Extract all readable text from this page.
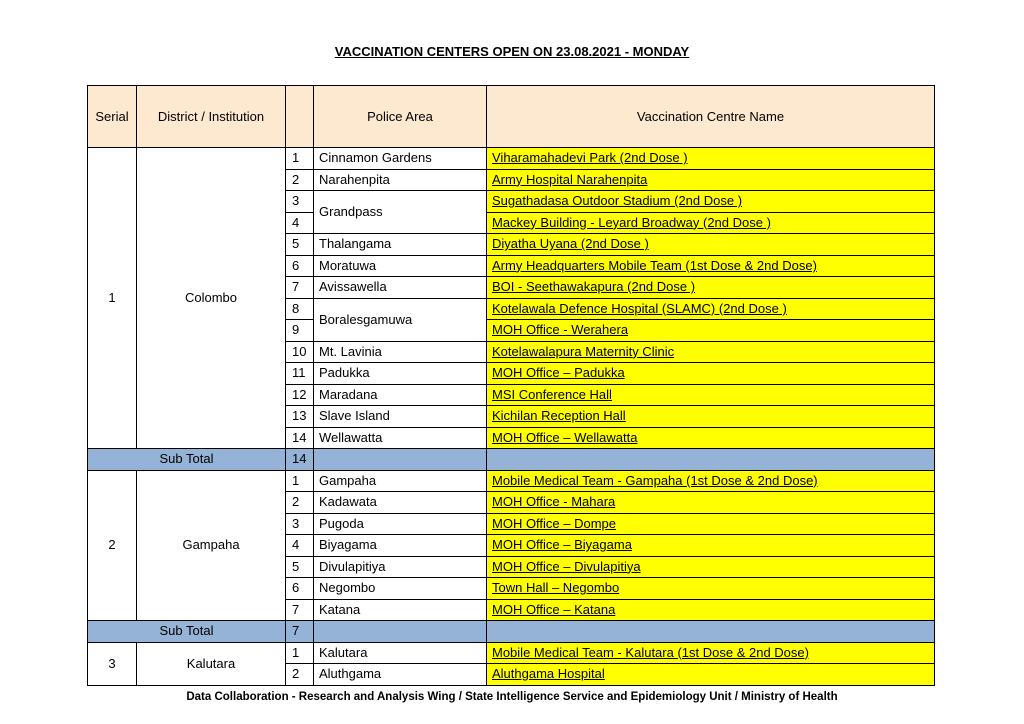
VACCINATION CENTERS OPEN ON 23.08.2021 - MONDAY
Serial	District / Institution		Police Area	Vaccination Centre Name
1	Colombo	1	Cinnamon Gardens	Viharamahadevi Park (2nd Dose )
		2	Narahenpita	Army Hospital Narahenpita
		3	Grandpass	Sugathadasa Outdoor Stadium (2nd Dose )
		4		Mackey Building - Leyard Broadway (2nd Dose )
		5	Thalangama	Diyatha Uyana (2nd Dose )
		6	Moratuwa	Army Headquarters Mobile Team (1st Dose & 2nd Dose)
		7	Avissawella	BOI - Seethawakapura (2nd Dose )
		8	Boralesgamuwa	Kotelawala Defence Hospital (SLAMC) (2nd Dose )
		9		MOH Office - Werahera
		10	Mt. Lavinia	Kotelawalapura Maternity Clinic
		11	Padukka	MOH Office – Padukka
		12	Maradana	MSI Conference Hall
		13	Slave Island	Kichilan Reception Hall
		14	Wellawatta	MOH Office – Wellawatta
Sub Total		14		
2	Gampaha	1	Gampaha	Mobile Medical Team - Gampaha (1st Dose & 2nd Dose)
		2	Kadawata	MOH Office - Mahara
		3	Pugoda	MOH Office – Dompe
		4	Biyagama	MOH Office – Biyagama
		5	Divulapitiya	MOH Office – Divulapitiya
		6	Negombo	Town Hall – Negombo
		7	Katana	MOH Office – Katana
Sub Total		7		
3	Kalutara	1	Kalutara	Mobile Medical Team - Kalutara (1st Dose & 2nd Dose)
		2	Aluthgama	Aluthgama Hospital
Data Collaboration - Research and Analysis Wing / State Intelligence Service and Epidemiology Unit / Ministry of Health
